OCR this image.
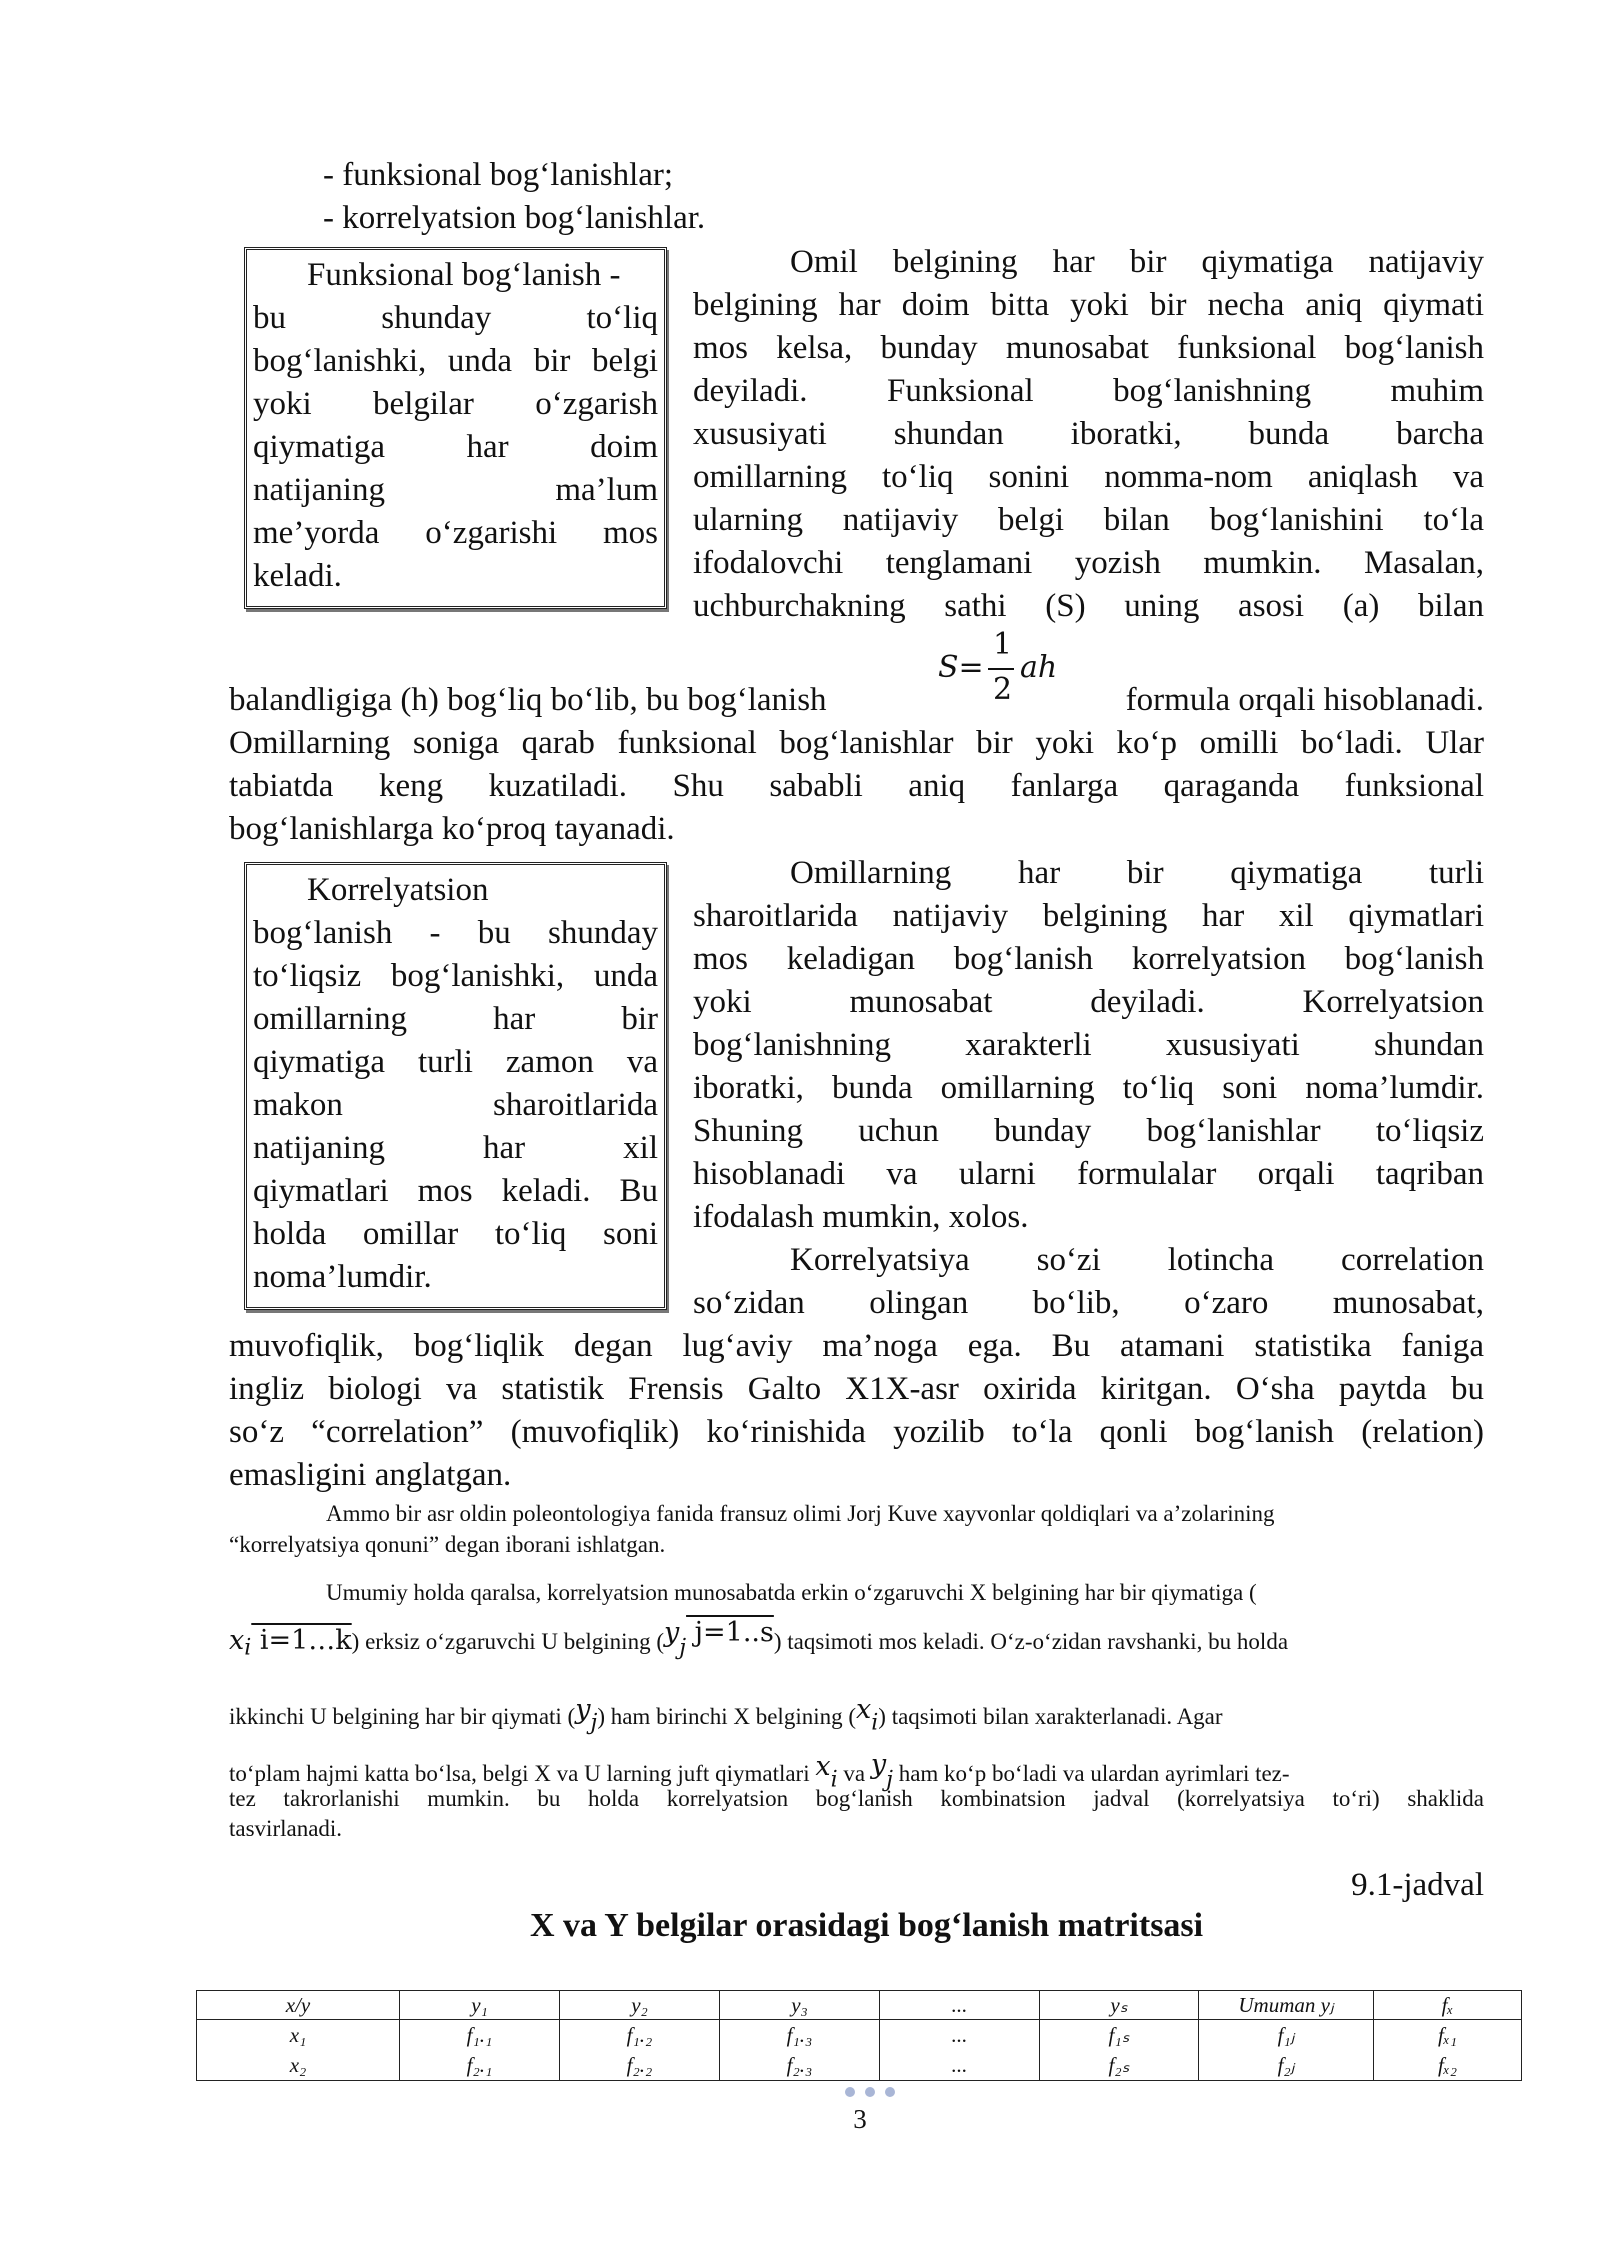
- funksional bog‘lanishlar;
- korrelyatsion bog‘lanishlar.
Funksional bog‘lanish -
bu shunday to‘liq
bog‘lanishki, unda bir belgi
yoki belgilar o‘zgarish
qiymatiga har doim
natijaning ma’lum
me’yorda o‘zgarishi mos
keladi.
Omil belgining har bir qiymatiga natijaviy
belgining har doim bitta yoki bir necha aniq qiymati
mos kelsa, bunday munosabat funksional bog‘lanish
deyiladi. Funksional bog‘lanishning muhim
xususiyati shundan iboratki, bunda barcha
omillarning to‘liq sonini nomma-nom aniqlash va
ularning natijaviy belgi bilan bog‘lanishini to‘la
ifodalovchi tenglamani yozish mumkin. Masalan,
uchburchakning sathi (S) uning asosi (a) bilan
balandligiga (h) bog‘liq bo‘lib, bu bog‘lanish
S=
1
2
ah
formula orqali hisoblanadi.
Omillarning soniga qarab funksional bog‘lanishlar bir yoki ko‘p omilli bo‘ladi. Ular
tabiatda keng kuzatiladi. Shu sababli aniq fanlarga qaraganda funksional
bog‘lanishlarga ko‘proq tayanadi.
Korrelyatsion
bog‘lanish - bu shunday
to‘liqsiz bog‘lanishki, unda
omillarning har bir
qiymatiga turli zamon va
makon sharoitlarida
natijaning har xil
qiymatlari mos keladi. Bu
holda omillar to‘liq soni
noma’lumdir.
Omillarning har bir qiymatiga turli
sharoitlarida natijaviy belgining har xil qiymatlari
mos keladigan bog‘lanish korrelyatsion bog‘lanish
yoki munosabat deyiladi. Korrelyatsion
bog‘lanishning xarakterli xususiyati shundan
iboratki, bunda omillarning to‘liq soni noma’lumdir.
Shuning uchun bunday bog‘lanishlar to‘liqsiz
hisoblanadi va ularni formulalar orqali taqriban
ifodalash mumkin, xolos.
Korrelyatsiya so‘zi lotincha correlation
so‘zidan olingan bo‘lib, o‘zaro munosabat,
muvofiqlik, bog‘liqlik degan lug‘aviy ma’noga ega. Bu atamani statistika faniga
ingliz biologi va statistik Frensis Galto X1X-asr oxirida kiritgan. O‘sha paytda bu
so‘z “correlation” (muvofiqlik) ko‘rinishida yozilib to‘la qonli bog‘lanish (relation)
emasligini anglatgan.
Ammo bir asr oldin poleontologiya fanida fransuz olimi Jorj Kuve xayvonlar qoldiqlari va a’zolarining
“korrelyatsiya qonuni” degan iborani ishlatgan.
Umumiy holda qaralsa, korrelyatsion munosabatda erkin o‘zgaruvchi X belgining har bir qiymatiga (
$x_i$ i=1…k) erksiz o‘zgaruvchi U belgining ($y_j$ j=1..s) taqsimoti mos keladi. O‘z-o‘zidan ravshanki, bu holda
ikkinchi U belgining har bir qiymati $(y_j)$ ham birinchi X belgining $(x_i)$ taqsimoti bilan xarakterlanadi. Agar
to‘plam hajmi katta bo‘lsa, belgi X va U larning juft qiymatlari $x_i$ va $y_j$ ham ko‘p bo‘ladi va ulardan ayrimlari tez-
tez takrorlanishi mumkin. bu holda korrelyatsion bog‘lanish kombinatsion jadval (korrelyatsiya to‘ri) shaklida
tasvirlanadi.
9.1-jadval
X va Y belgilar orasidagi bog‘lanish matritsasi
x/y	y₁	y₂	y₃	...	yₛ	Umuman yⱼ	fₓ
x₁	f₁.₁	f₁.₂	f₁.₃	...	f₁ₛ	f₁ⱼ	fₓ₁
x₂	f₂.₁	f₂.₂	f₂.₃	...	f₂ₛ	f₂ⱼ	fₓ₂
3
